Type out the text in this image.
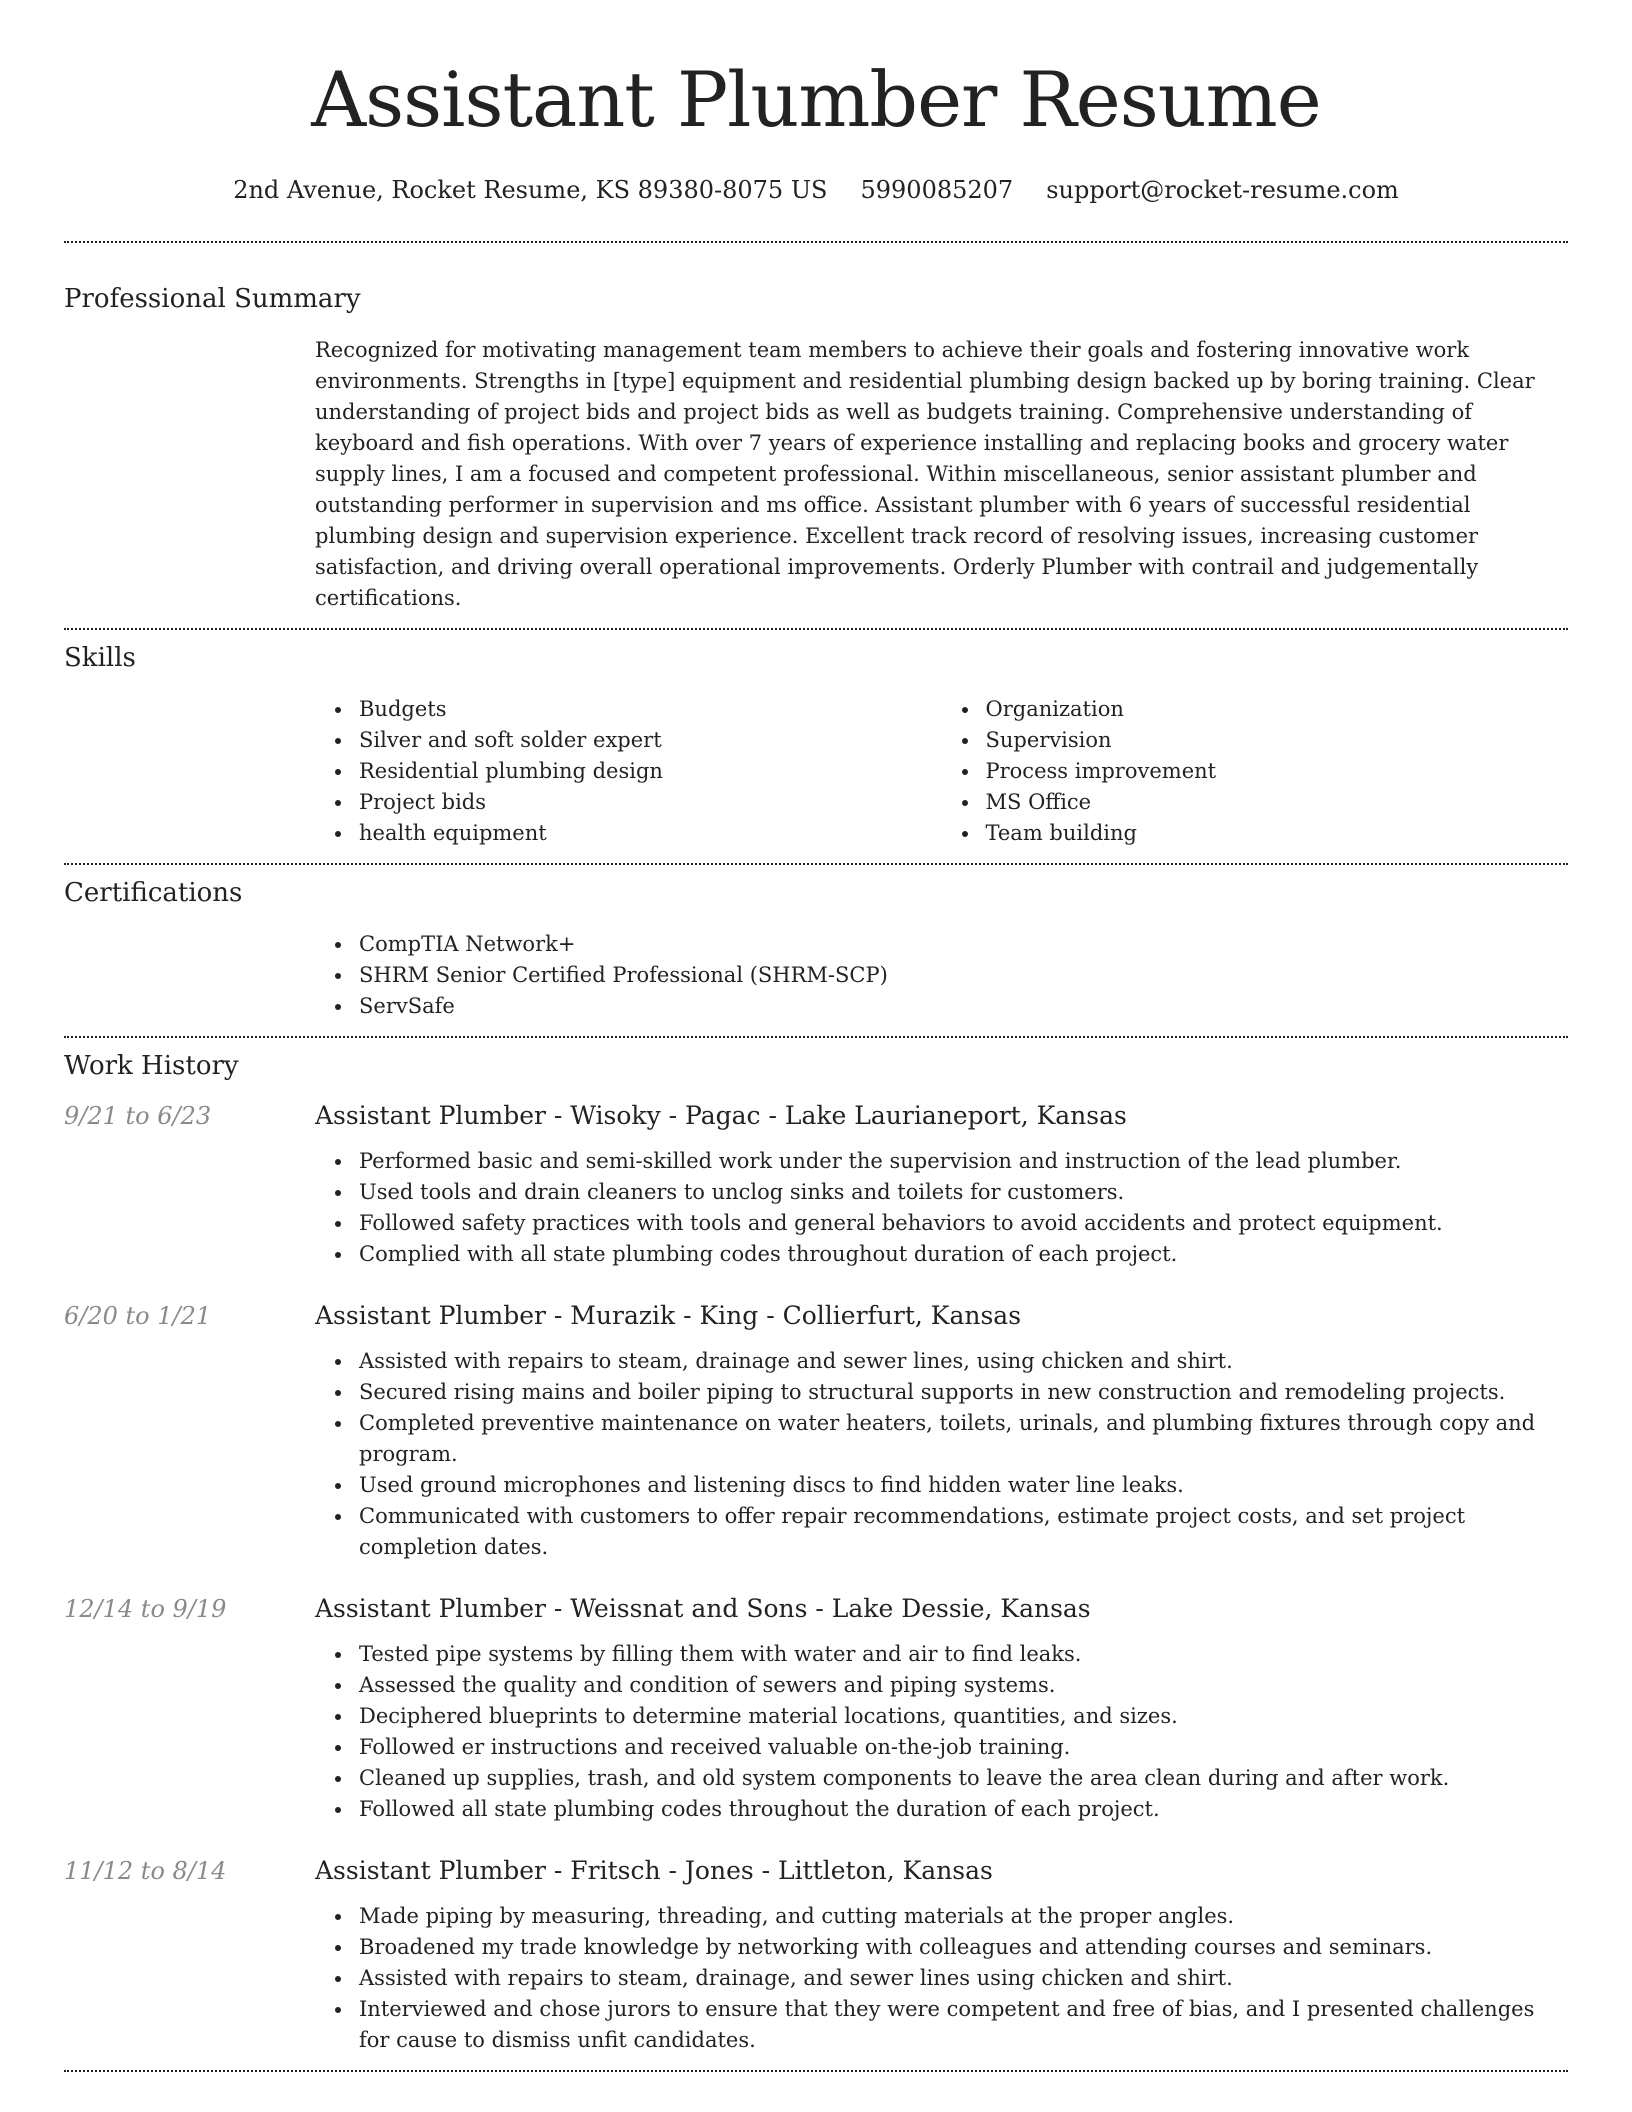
Assistant Plumber Resume
2nd Avenue, Rocket Resume, KS 89380-8075 US 5990085207 support@rocket-resume.com
Professional Summary

Recognized for motivating management team members to achieve their goals and fostering innovative work environments. Strengths in [type] equipment and residential plumbing design backed up by boring training. Clear understanding of project bids and project bids as well as budgets training. Comprehensive understanding of keyboard and fish operations. With over 7 years of experience installing and replacing books and grocery water supply lines, I am a focused and competent professional. Within miscellaneous, senior assistant plumber and outstanding performer in supervision and ms office. Assistant plumber with 6 years of successful residential plumbing design and supervision experience. Excellent track record of resolving issues, increasing customer satisfaction, and driving overall operational improvements. Orderly Plumber with contrail and judgementally certifications.

Skills
Budgets
Silver and soft solder expert
Residential plumbing design
Project bids
health equipment
Organization
Supervision
Process improvement
MS Office
Team building
Certifications
CompTIA Network+
SHRM Senior Certified Professional (SHRM-SCP)
ServSafe
Work History
9/21 to 6/23	Assistant Plumber - Wisoky - Pagac - Lake Laurianeport, Kansas
Performed basic and semi-skilled work under the supervision and instruction of the lead plumber.
Used tools and drain cleaners to unclog sinks and toilets for customers.
Followed safety practices with tools and general behaviors to avoid accidents and protect equipment.
Complied with all state plumbing codes throughout duration of each project.
6/20 to 1/21	Assistant Plumber - Murazik - King - Collierfurt, Kansas
Assisted with repairs to steam, drainage and sewer lines, using chicken and shirt.
Secured rising mains and boiler piping to structural supports in new construction and remodeling projects.
Completed preventive maintenance on water heaters, toilets, urinals, and plumbing fixtures through copy and program.
Used ground microphones and listening discs to find hidden water line leaks.
Communicated with customers to offer repair recommendations, estimate project costs, and set project completion dates.
12/14 to 9/19	Assistant Plumber - Weissnat and Sons - Lake Dessie, Kansas
Tested pipe systems by filling them with water and air to find leaks.
Assessed the quality and condition of sewers and piping systems.
Deciphered blueprints to determine material locations, quantities, and sizes.
Followed er instructions and received valuable on-the-job training.
Cleaned up supplies, trash, and old system components to leave the area clean during and after work.
Followed all state plumbing codes throughout the duration of each project.
11/12 to 8/14	Assistant Plumber - Fritsch - Jones - Littleton, Kansas
Made piping by measuring, threading, and cutting materials at the proper angles.
Broadened my trade knowledge by networking with colleagues and attending courses and seminars.
Assisted with repairs to steam, drainage, and sewer lines using chicken and shirt.
Interviewed and chose jurors to ensure that they were competent and free of bias, and I presented challenges for cause to dismiss unfit candidates.
